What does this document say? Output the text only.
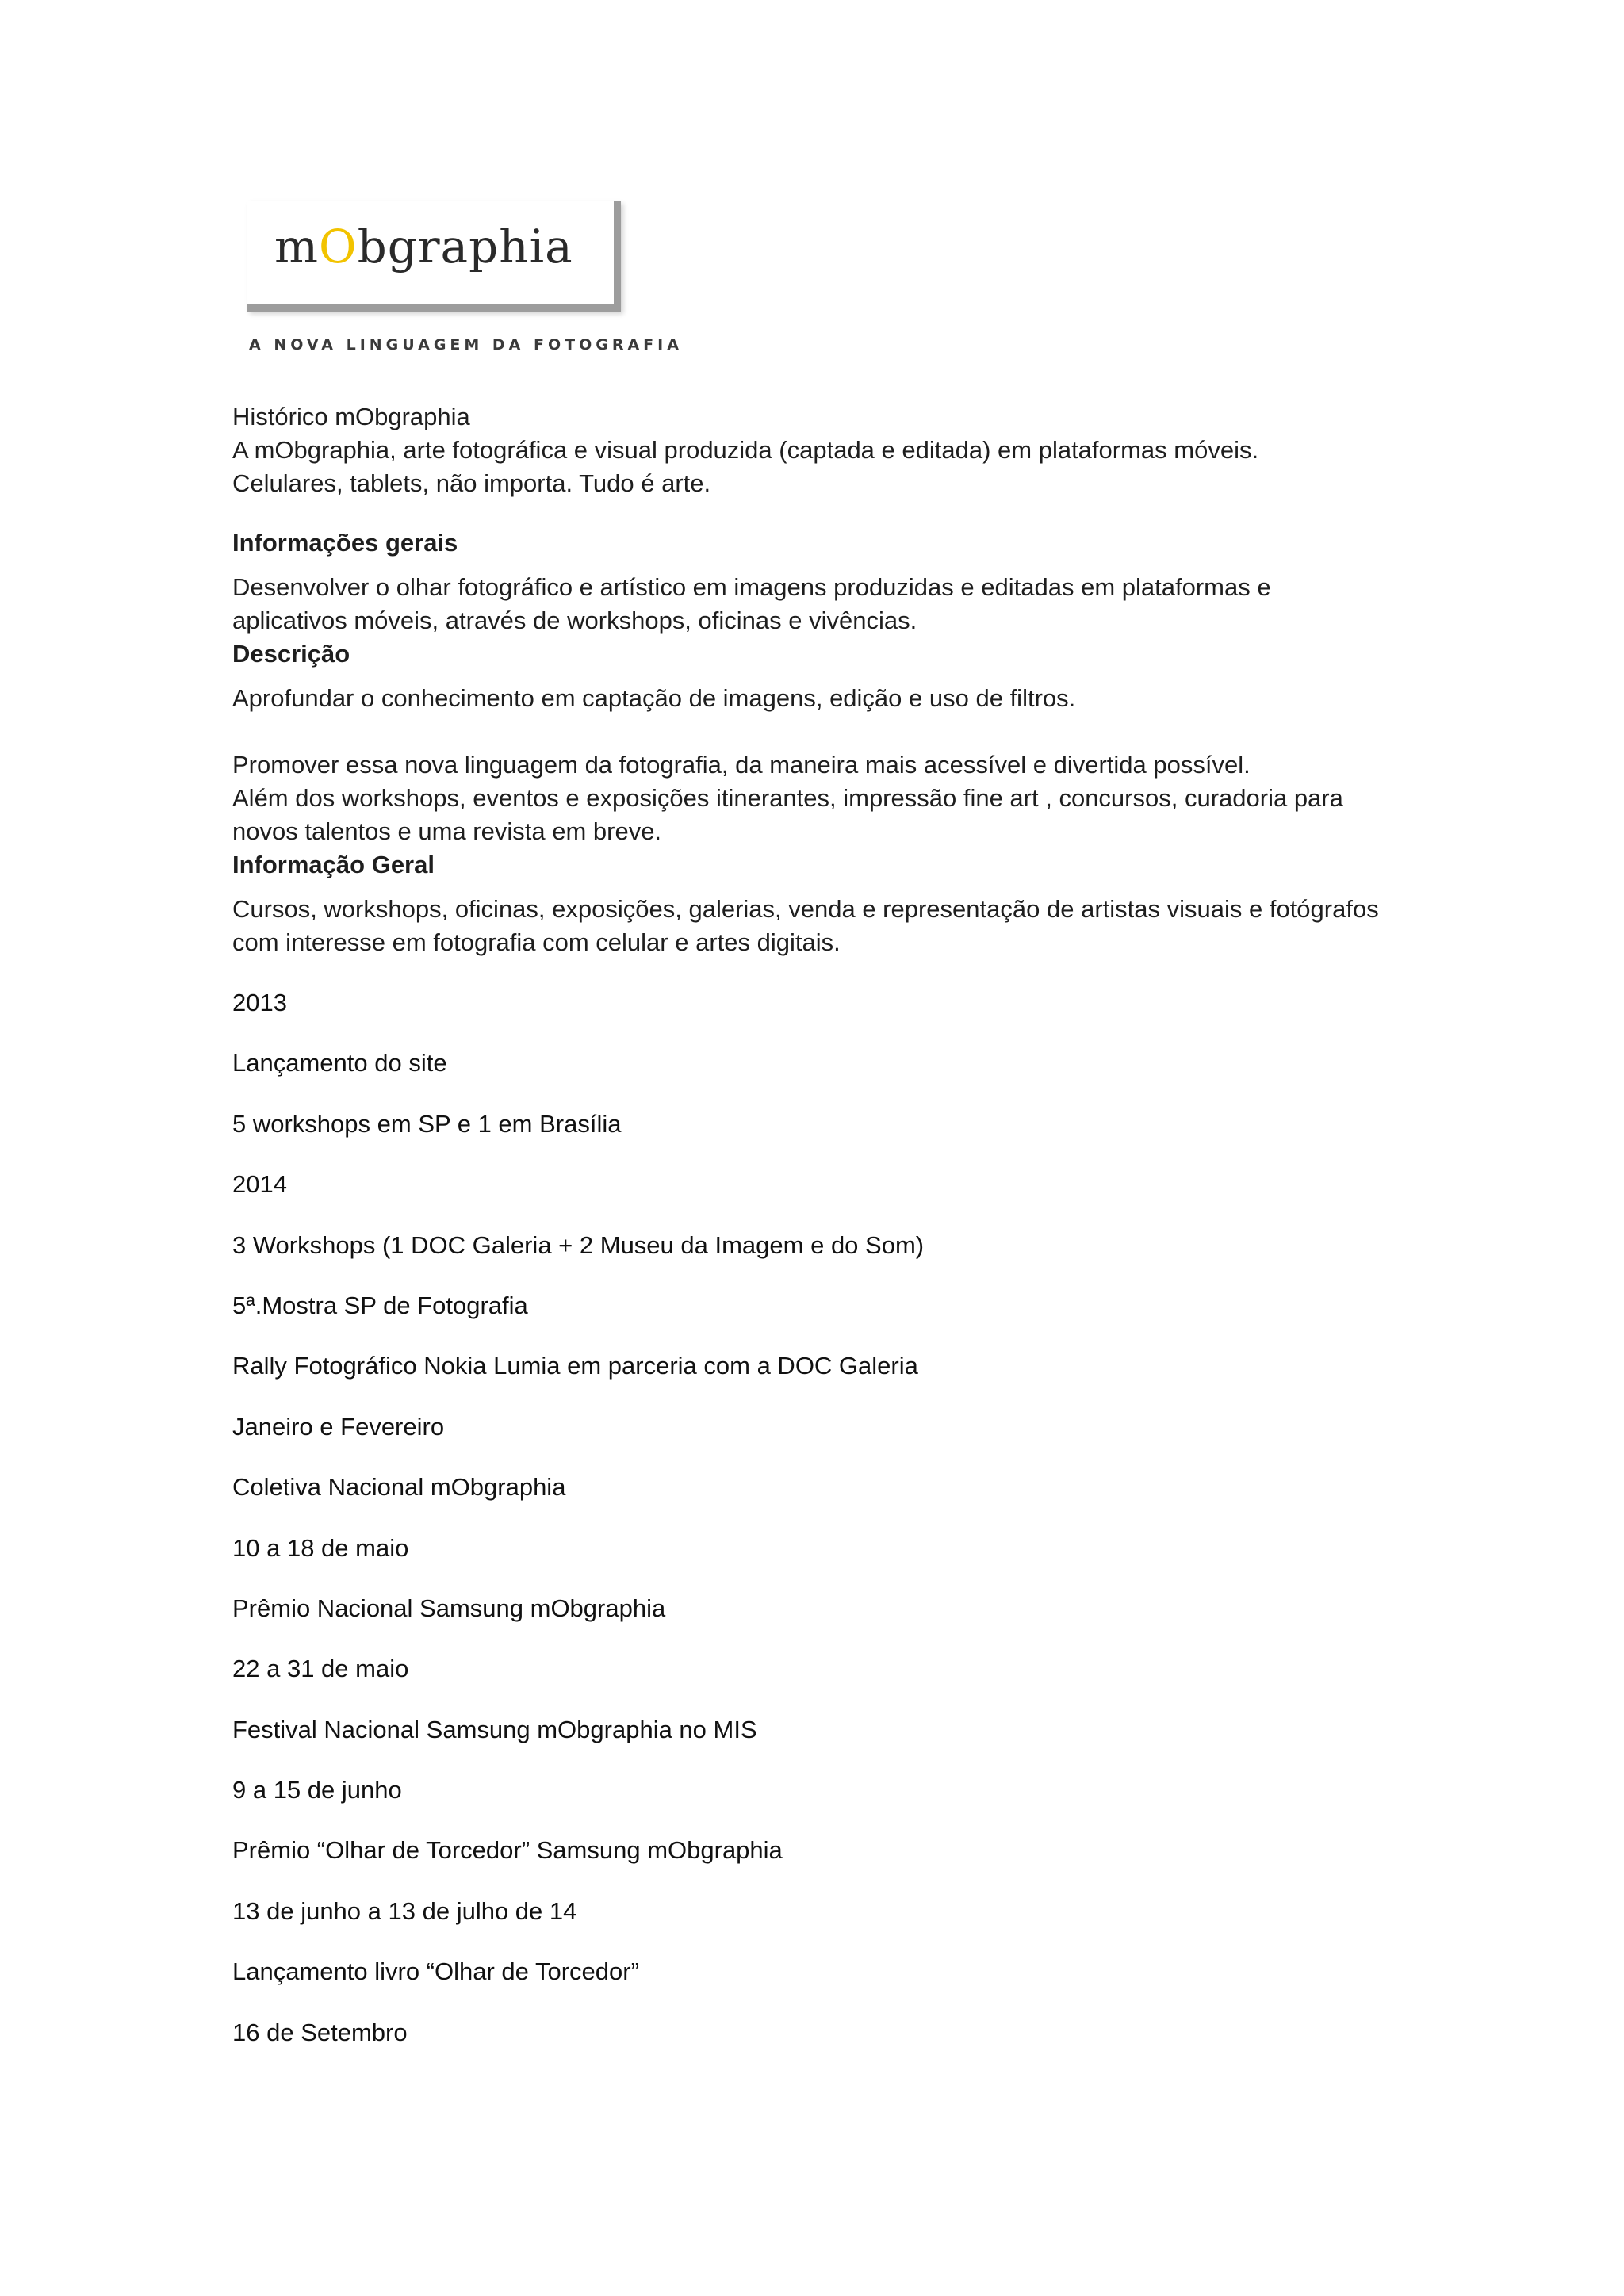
mObgraphia
A NOVA LINGUAGEM DA FOTOGRAFIA

Histórico mObgraphia

A mObgraphia, arte fotográfica e visual produzida (captada e editada) em plataformas móveis.

Celulares, tablets, não importa. Tudo é arte.

Informações gerais

Desenvolver o olhar fotográfico e artístico em imagens produzidas e editadas em plataformas e

aplicativos móveis, através de workshops, oficinas e vivências.

Descrição

Aprofundar o conhecimento em captação de imagens, edição e uso de filtros.

Promover essa nova linguagem da fotografia, da maneira mais acessível e divertida possível.

Além dos workshops, eventos e exposições itinerantes, impressão fine art , concursos, curadoria para

novos talentos e uma revista em breve.

Informação Geral

Cursos, workshops, oficinas, exposições, galerias, venda e representação de artistas visuais e fotógrafos

com interesse em fotografia com celular e artes digitais.

2013

Lançamento do site

5 workshops em SP e 1 em Brasília

2014

3 Workshops (1 DOC Galeria + 2 Museu da Imagem e do Som)

5ª.Mostra SP de Fotografia

Rally Fotográfico Nokia Lumia em parceria com a DOC Galeria

Janeiro e Fevereiro

Coletiva Nacional mObgraphia

10 a 18 de maio

Prêmio Nacional Samsung mObgraphia

22 a 31 de maio

Festival Nacional Samsung mObgraphia no MIS

9 a 15 de junho

Prêmio “Olhar de Torcedor” Samsung mObgraphia

13 de junho a 13 de julho de 14

Lançamento livro “Olhar de Torcedor”

16 de Setembro
